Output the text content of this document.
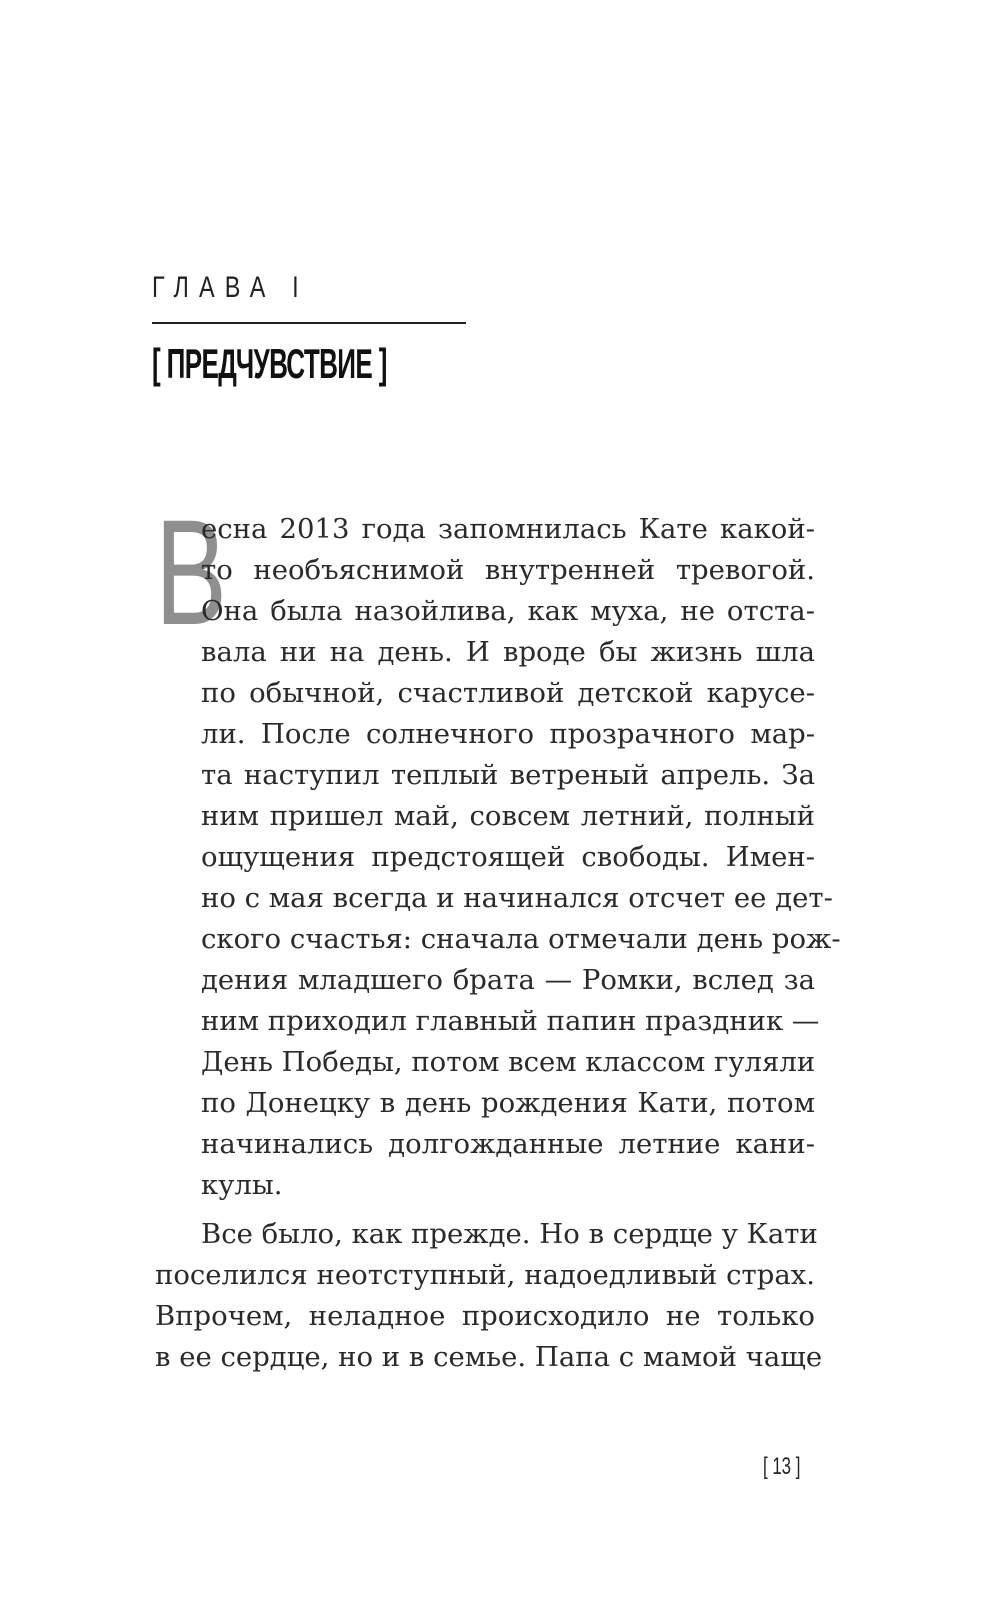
ГЛАВА I
[ ПРЕДЧУВСТВИЕ ]
В
есна 2013 года запомнилась Кате какой-
то необъяснимой внутренней тревогой.
Она была назойлива, как муха, не отста-
вала ни на день. И вроде бы жизнь шла
по обычной, счастливой детской карусе-
ли. После солнечного прозрачного мар-
та наступил теплый ветреный апрель. За
ним пришел май, совсем летний, полный
ощущения предстоящей свободы. Имен-
но с мая всегда и начинался отсчет ее дет-
ского счастья: сначала отмечали день рож-
дения младшего брата — Ромки, вслед за
ним приходил главный папин праздник —
День Победы, потом всем классом гуляли
по Донецку в день рождения Кати, потом
начинались долгожданные летние кани-
кулы.
Все было, как прежде. Но в сердце у Кати
поселился неотступный, надоедливый страх.
Впрочем, неладное происходило не только
в ее сердце, но и в семье. Папа с мамой чаще
[ 13 ]
